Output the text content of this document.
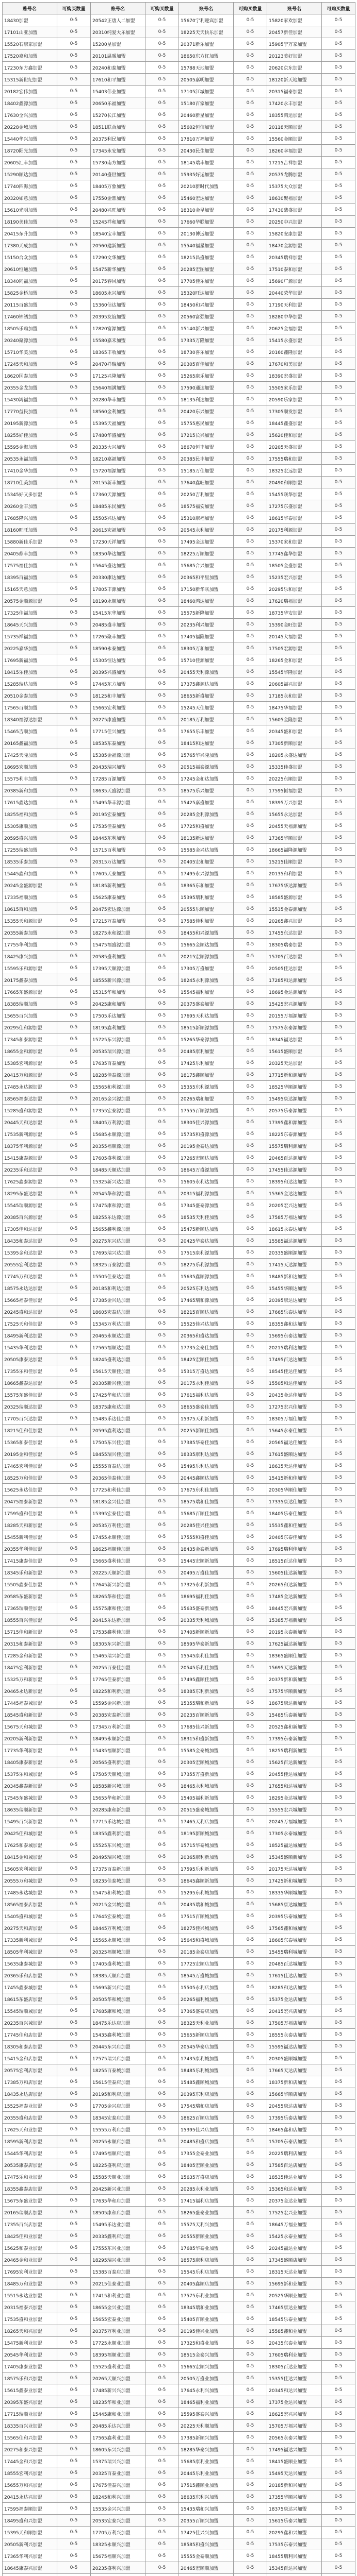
账号名	可购买数量	账号名	可购买数量	账号名	可购买数量	账号名	可购买数量
18430加盟	0-5	20542正唐人二加盟	0-5	15670宁利迎宾加盟	0-5	15820家欢加盟	0-5
17101山亚加盟	0-5	20310纯爱大乐加盟	0-5	18225天天快乐加盟	0-5	20457新佳加盟	0-5
15520石康家加盟	0-5	15200星加盟	0-5	20371新乐加盟	0-5	15905宁万家加盟	0-5
17520嘉和加盟	0-5	20101温暖加盟	0-5	18650东方红加盟	0-5	20123美好加盟	0-5
17230东方鑫加盟	0-5	20240和泰加盟	0-5	15788天地加盟	0-5	20620京东加盟	0-5
15315新世纪加盟	0-5	17610和平加盟	0-5	20505嘉明加盟	0-5	18120新天地加盟	0-5
20182宏伟加盟	0-5	15403伟业加盟	0-5	17105江城加盟	0-5	20315福泰加盟	0-5
18402鑫源加盟	0-5	20650乐福加盟	0-5	15180百家加盟	0-5	17420永丰加盟	0-5
17630全兴加盟	0-5	15270长江加盟	0-5	20460新星加盟	0-5	18355鸿运加盟	0-5
20228金城加盟	0-5	18511联合加盟	0-5	15602恒信加盟	0-5	20118天顺加盟	0-5
15440华兴加盟	0-5	20375利民加盟	0-5	17810万福加盟	0-5	15560金顺加盟	0-5
18720阳光加盟	0-5	17345永安加盟	0-5	20430民生加盟	0-5	18260幸福加盟	0-5
20605汇丰加盟	0-5	15730南方加盟	0-5	18145瑞丰加盟	0-5	17215吉祥加盟	0-5
15290顺达加盟	0-5	20140盛世加盟	0-5	15935好运加盟	0-5	20575龙腾加盟	0-5
17740四海加盟	0-5	18405万象加盟	0-5	20210新时代加盟	0-5	15375大众加盟	0-5
20320如意加盟	0-5	17550金鼎加盟	0-5	15460宏达加盟	0-5	18630聚福加盟	0-5
15610光明加盟	0-5	20480兴旺加盟	0-5	18310金星加盟	0-5	17430鼎盛加盟	0-5
18190美佳加盟	0-5	15245祥和加盟	0-5	17660华联加盟	0-5	20250中兴加盟	0-5
20415东升加盟	0-5	18540宝丰加盟	0-5	20130博远加盟	0-5	15820安康加盟	0-5
17380天成加盟	0-5	20560建新加盟	0-5	15540福星加盟	0-5	18470金源加盟	0-5
15150合众加盟	0-5	17290文华加盟	0-5	18215昌盛加盟	0-5	20345瑞祥加盟	0-5
20610恒通加盟	0-5	15475新华加盟	0-5	20285宏图加盟	0-5	17510泰和加盟	0-5
18340同福加盟	0-5	20175春风加盟	0-5	17705佳乐加盟	0-5	15690广源加盟	0-5
15825金桥加盟	0-5	18605永兴加盟	0-5	15320旺达加盟	0-5	20440荣华加盟	0-5
20115百盛加盟	0-5	15360信达加盟	0-5	18450和兴加盟	0-5	17190天利加盟	0-5
17460锦绣加盟	0-5	20395友谊加盟	0-5	20560富强加盟	0-5	18280中华加盟	0-5
18505乐购加盟	0-5	17820富源加盟	0-5	15140新兴加盟	0-5	20625金福加盟	0-5
20240聚源加盟	0-5	15580嘉禾加盟	0-5	17335万隆加盟	0-5	15415永盛加盟	0-5
15710华美加盟	0-5	18365丰收加盟	0-5	18730喜乐加盟	0-5	20160鑫隆加盟	0-5
17245天和加盟	0-5	20470祥瑞加盟	0-5	20305百佳加盟	0-5	17670和美加盟	0-5
18620国泰加盟	0-5	17125兴隆加盟	0-5	15265康乐加盟	0-5	18390宏盛加盟	0-5
20355金龙加盟	0-5	15640福满加盟	0-5	17590通达加盟	0-5	15505家乐加盟	0-5
15430鸿福加盟	0-5	20280华丰加盟	0-5	18135利达加盟	0-5	20590乐家加盟	0-5
17770益民加盟	0-5	18560金利加盟	0-5	20420东兴加盟	0-5	17305顺发加盟	0-5
20195新源加盟	0-5	15395天福加盟	0-5	15755惠民加盟	0-5	18445鑫盛加盟	0-5
18255好佳加盟	0-5	17480华盛加盟	0-5	17215长兴加盟	0-5	15620佳和加盟	0-5
15595金海加盟	0-5	20335大兴加盟	0-5	18670恒丰加盟	0-5	20205天盛加盟	0-5
20535永福加盟	0-5	18210嘉福加盟	0-5	20385民丰加盟	0-5	17555瑞和加盟	0-5
17410金华加盟	0-5	15720福源加盟	0-5	15185万佳加盟	0-5	18325宏远加盟	0-5
18710佳美加盟	0-5	20155新丰加盟	0-5	17640鑫旺加盟	0-5	20490和顺加盟	0-5
15345好又多加盟	0-5	17360天源加盟	0-5	20250吉利加盟	0-5	15455联华加盟	0-5
20260金丰加盟	0-5	18485乐民加盟	0-5	18575福安加盟	0-5	17275东盛加盟	0-5
17685隆兴加盟	0-5	15505兴达加盟	0-5	15310康福加盟	0-5	18615华泰加盟	0-5
18160旺旺加盟	0-5	20615宏福加盟	0-5	20545永利加盟	0-5	20175利源加盟	0-5
15880新佳乐加盟	0-5	17230天祥加盟	0-5	17495金达加盟	0-5	15370家和加盟	0-5
20405鼎丰加盟	0-5	18350华达加盟	0-5	18225万顺加盟	0-5	17745鑫华加盟	0-5
17575福佳加盟	0-5	15645盛达加盟	0-5	15685合兴加盟	0-5	18505金盛加盟	0-5
18395百福加盟	0-5	20330康达加盟	0-5	20365和平里加盟	0-5	15235宏兴加盟	0-5
15165天意加盟	0-5	17805丰源加盟	0-5	17150新华联加盟	0-5	20295乐和加盟	0-5
20575金顺源加盟	0-5	18190永顺加盟	0-5	18460鸿达加盟	0-5	17620瑞福加盟	0-5
17325佳福加盟	0-5	15415东华加盟	0-5	15575新隆加盟	0-5	18735华安加盟	0-5
18645天兴加盟	0-5	20485盛丰加盟	0-5	20235利兴加盟	0-5	15390金旺加盟	0-5
15735祥福加盟	0-5	17265聚丰加盟	0-5	17405福隆加盟	0-5	20145大福加盟	0-5
20225嘉华加盟	0-5	18590永泰加盟	0-5	18305万和加盟	0-5	17505宏源加盟	0-5
17695新福加盟	0-5	15305恒达加盟	0-5	15710佳源加盟	0-5	18265金和加盟	0-5
18415乐佳加盟	0-5	20395兴盛加盟	0-5	20455天利源加盟	0-5	15545华隆加盟	0-5
15285瑞达加盟	0-5	17445东方加盟	0-5	17375鑫源达加盟	0-5	20605福兴加盟	0-5
20510金泰加盟	0-5	18125和丰加盟	0-5	18655新盛加盟	0-5	17185永和加盟	0-5
17565百顺加盟	0-5	15665宏利加盟	0-5	15245天佳加盟	0-5	18475华福加盟	0-5
18340福源达加盟	0-5	20275康盛加盟	0-5	20185万利加盟	0-5	15605金隆加盟	0-5
15465吉顺加盟	0-5	17715佳兴加盟	0-5	17655乐丰加盟	0-5	20345盛和加盟	0-5
20165鑫福加盟	0-5	18535东泰加盟	0-5	18415和达加盟	0-5	17305新顺加盟	0-5
17425天隆加盟	0-5	15385金福源加盟	0-5	15765华兴隆加盟	0-5	18205永盛达加盟	0-5
18695宏顺加盟	0-5	20435瑞兴加盟	0-5	20515福泰源加盟	0-5	15335佳盛加盟	0-5
15575利丰加盟	0-5	17285百源加盟	0-5	17245金和达加盟	0-5	20225东顺加盟	0-5
20385新和加盟	0-5	18635天盛源加盟	0-5	18575乐兴加盟	0-5	17595恒福加盟	0-5
17615鑫达加盟	0-5	15495华丰源加盟	0-5	15425嘉盛加盟	0-5	18395万兴加盟	0-5
18255福和加盟	0-5	20195宏泰加盟	0-5	20285金利源加盟	0-5	15655永达加盟	0-5
15305康顺加盟	0-5	17535佳泰加盟	0-5	17725和盛加盟	0-5	20455天福源加盟	0-5
20595盛兴加盟	0-5	18445东利加盟	0-5	18135新达加盟	0-5	17365华顺加盟	0-5
17255瑞盛加盟	0-5	15715百利加盟	0-5	15585金兴达加盟	0-5	18665福隆源加盟	0-5
18535乐泰加盟	0-5	20315万达加盟	0-5	20405宏和加盟	0-5	15215佳顺加盟	0-5
15445鑫和加盟	0-5	17605天泰加盟	0-5	17495永兴源加盟	0-5	20135和利加盟	0-5
20245金盛源加盟	0-5	18185新利加盟	0-5	18365东和加盟	0-5	17675华达源加盟	0-5
17335福顺加盟	0-5	15625康泰加盟	0-5	15395瑞利加盟	0-5	18585盛源加盟	0-5
18615百和加盟	0-5	20475宏达源加盟	0-5	20555乐顺加盟	0-5	15535金泰源加盟	0-5
15355天和源加盟	0-5	17215万泰加盟	0-5	17585佳利加盟	0-5	20265鑫兴加盟	0-5
20355新泰加盟	0-5	18275永和源加盟	0-5	18455和兴源加盟	0-5	17455东达加盟	0-5
17755华利加盟	0-5	15475福盛源加盟	0-5	15665金顺达加盟	0-5	18305瑞泰加盟	0-5
18425康兴加盟	0-5	20585盛利加盟	0-5	20215宏顺源加盟	0-5	15705百达加盟	0-5
15595乐和源加盟	0-5	17395天顺源加盟	0-5	17305万盛加盟	0-5	20505佳达加盟	0-5
20175鑫泰加盟	0-5	18555新兴源加盟	0-5	18245永利源加盟	0-5	17285和达源加盟	0-5
17665东盛源加盟	0-5	15315华和加盟	0-5	15545福利加盟	0-5	18695金达源加盟	0-5
18385瑞顺加盟	0-5	20425康和加盟	0-5	20375盛泰加盟	0-5	15425宏兴源加盟	0-5
15655百兴加盟	0-5	17505乐达加盟	0-5	17695天利达加盟	0-5	20155万福源加盟	0-5
20295佳和源加盟	0-5	18195鑫利加盟	0-5	18515新顺源加盟	0-5	17575永泰源加盟	0-5
17345和泰源加盟	0-5	15725东兴源加盟	0-5	15265华泰源加盟	0-5	18345福达加盟	0-5
18655金和源加盟	0-5	20535瑞兴源加盟	0-5	20485康利加盟	0-5	15615盛顺加盟	0-5
15385宏利源加盟	0-5	17635百泰加盟	0-5	17425乐利加盟	0-5	20325天达加盟	0-5
20415万和源加盟	0-5	18285佳泰源加盟	0-5	18175鑫顺加盟	0-5	17715新和源加盟	0-5
17485永达源加盟	0-5	15565和利源加盟	0-5	15355东利源加盟	0-5	18525华顺源加盟	0-5
18565福泰达加盟	0-5	20165金兴源加盟	0-5	20265瑞和加盟	0-5	15495康达源加盟	0-5
15285盛和源加盟	0-5	17355宏泰源加盟	0-5	17555百顺源加盟	0-5	20575乐泰源加盟	0-5
20445天和达加盟	0-5	18405万利源加盟	0-5	18305佳兴源加盟	0-5	17395鑫和源加盟	0-5
17535新利源加盟	0-5	15685永顺源加盟	0-5	15735和盛源加盟	0-5	18225东泰源加盟	0-5
18375华利源加盟	0-5	20355福顺源加盟	0-5	20195金泰达加盟	0-5	15575瑞利源加盟	0-5
15415康泰源加盟	0-5	17605盛利源加盟	0-5	17265宏顺达加盟	0-5	20465百达源加盟	0-5
20235乐和达加盟	0-5	18485天顺达加盟	0-5	18645万盛源加盟	0-5	17455佳达源加盟	0-5
17625鑫泰源加盟	0-5	15325新兴达加盟	0-5	15605永利达加盟	0-5	18395和达达加盟	0-5
18295东盛达加盟	0-5	20545华和源加盟	0-5	20315福利源加盟	0-5	15365金达达加盟	0-5
15545瑞顺源加盟	0-5	17475康和源加盟	0-5	17345盛泰源加盟	0-5	20205宏兴达加盟	0-5
20385百兴源加盟	0-5	18255乐达源加盟	0-5	18535天利佳加盟	0-5	17585万福达加盟	0-5
17305佳和达加盟	0-5	15655鑫利源加盟	0-5	15475新顺达加盟	0-5	18615永泰达加盟	0-5
18435和泰达加盟	0-5	20275东兴达加盟	0-5	20425华泰达加盟	0-5	15585福达源加盟	0-5
15395金和达加盟	0-5	17695瑞兴达加盟	0-5	17515康利源加盟	0-5	20335盛顺源加盟	0-5
20555宏利达加盟	0-5	18325百泰源加盟	0-5	18275乐利源加盟	0-5	17415天达源加盟	0-5
17745万和达加盟	0-5	15505佳泰达加盟	0-5	15635鑫顺源加盟	0-5	18485新和达加盟	0-5
18575永达达加盟	0-5	20185和利达加盟	0-5	20525东利达加盟	0-5	15455华顺达加盟	0-5
15665福泰佳加盟	0-5	17385金兴达加盟	0-5	17465瑞和源加盟	0-5	20395康达达加盟	0-5
20245盛和达加盟	0-5	18605宏泰达加盟	0-5	18215百顺达加盟	0-5	17665乐泰达加盟	0-5
17525天和佳加盟	0-5	15345万利达加盟	0-5	15525佳兴达加盟	0-5	18355鑫和达加盟	0-5
18495新利达加盟	0-5	20465永顺达加盟	0-5	20365和盛达加盟	0-5	15695东泰达加盟	0-5
15435华利达加盟	0-5	17565福顺达加盟	0-5	17735金泰佳加盟	0-5	20215瑞利达加盟	0-5
20505康泰达加盟	0-5	18245盛利达加盟	0-5	18425宏顺佳加盟	0-5	17495百达达加盟	0-5
17355乐和佳加盟	0-5	15615天顺佳加盟	0-5	15315万盛达加盟	0-5	18545佳达佳加盟	0-5
18665鑫泰达加盟	0-5	20305新兴佳加盟	0-5	20175永利佳加盟	0-5	15505和达佳加盟	0-5
15575东盛佳加盟	0-5	17425华和达加盟	0-5	17615福利达加盟	0-5	20435金达佳加盟	0-5
20325瑞顺达加盟	0-5	18375康和达加盟	0-5	18655盛泰佳加盟	0-5	17275宏兴佳加盟	0-5
17705百兴达加盟	0-5	15485乐达佳加盟	0-5	15375天利新加盟	0-5	18305万福佳加盟	0-5
18215佳和佳加盟	0-5	20595鑫利达加盟	0-5	20255新顺佳加盟	0-5	15645永泰佳加盟	0-5
15365和泰佳加盟	0-5	17505东兴佳加盟	0-5	17385华泰佳加盟	0-5	20565福达佳加盟	0-5
20195金和佳加盟	0-5	18455瑞兴佳加盟	0-5	18335康利达加盟	0-5	17615盛顺达加盟	0-5
17465宏利佳加盟	0-5	15555百泰达加盟	0-5	15495乐利达加盟	0-5	18635天达佳加盟	0-5
18525万和佳加盟	0-5	20365佳泰佳加盟	0-5	20445鑫顺达加盟	0-5	15415新和佳加盟	0-5
15625永达佳加盟	0-5	17725和利佳加盟	0-5	17675东利佳加盟	0-5	20305华顺佳加盟	0-5
20475福泰新加盟	0-5	18185金兴佳加盟	0-5	18575瑞和佳加盟	0-5	17335康达佳加盟	0-5
17595盛和佳加盟	0-5	15395宏泰佳加盟	0-5	15685百顺佳加盟	0-5	18405乐泰佳加盟	0-5
18285天和新加盟	0-5	20535万利佳加盟	0-5	20285佳兴佳加盟	0-5	15535鑫和佳加盟	0-5
15455新利佳加盟	0-5	17455永顺佳加盟	0-5	17555和盛佳加盟	0-5	20405东泰佳加盟	0-5
20355华利佳加盟	0-5	18625福顺佳加盟	0-5	18435金泰新加盟	0-5	17695瑞利佳加盟	0-5
17415康泰佳加盟	0-5	15665盛利佳加盟	0-5	15445宏顺新加盟	0-5	18515百达佳加盟	0-5
18345乐和新加盟	0-5	20225天顺新加盟	0-5	20495万盛佳加盟	0-5	15605佳达新加盟	0-5
15505鑫泰佳加盟	0-5	17645新兴新加盟	0-5	17325永利新加盟	0-5	20265和达新加盟	0-5
20585东盛新加盟	0-5	18265华和佳加盟	0-5	18695福利佳加盟	0-5	17485金达新加盟	0-5
17365瑞顺佳加盟	0-5	15575康和佳加盟	0-5	15635盛泰新加盟	0-5	18445宏兴新加盟	0-5
18555百兴佳加盟	0-5	20415乐达新加盟	0-5	20335天利城加盟	0-5	15385万福新加盟	0-5
15715佳和新加盟	0-5	17535鑫利佳加盟	0-5	17405新顺新加盟	0-5	20195永泰新加盟	0-5
20315和泰新加盟	0-5	18305东兴新加盟	0-5	18595华泰新加盟	0-5	17625福达新加盟	0-5
17285金和新加盟	0-5	15465瑞兴新加盟	0-5	15545康利佳加盟	0-5	18365盛顺佳加盟	0-5
18475宏利新加盟	0-5	20255百泰佳加盟	0-5	20545乐利佳加盟	0-5	15695天达新加盟	0-5
15325万和新加盟	0-5	17765佳泰新加盟	0-5	17495鑫顺佳加盟	0-5	20375新和新加盟	0-5
20465永达新加盟	0-5	18225和利新加盟	0-5	18385东利新加盟	0-5	17575华顺新加盟	0-5
17445福泰城加盟	0-5	15595金兴新加盟	0-5	15355瑞和新加盟	0-5	18675康达新加盟	0-5
18545盛和新加盟	0-5	20385宏泰新加盟	0-5	20235百顺新加盟	0-5	15485乐泰新加盟	0-5
15675天和城加盟	0-5	17345万利新加盟	0-5	17685佳兴新加盟	0-5	20525鑫和新加盟	0-5
20205新利新加盟	0-5	18495永顺新加盟	0-5	18315和盛新加盟	0-5	17395东泰新加盟	0-5
17735华利新加盟	0-5	15435福顺新加盟	0-5	15585金泰城加盟	0-5	18255瑞利新加盟	0-5
18405康泰新加盟	0-5	20565盛利新加盟	0-5	20305宏顺城加盟	0-5	15625百达新加盟	0-5
15375乐和城加盟	0-5	17505天顺城加盟	0-5	17355万盛新加盟	0-5	20455佳达城加盟	0-5
20345鑫泰新加盟	0-5	18585新兴城加盟	0-5	18465永利城加盟	0-5	17655和达城加盟	0-5
17545东盛城加盟	0-5	15655华和新加盟	0-5	15405福利新加盟	0-5	18295金达城加盟	0-5
18635瑞顺新加盟	0-5	20285康和新加盟	0-5	20515盛泰城加盟	0-5	15555宏兴城加盟	0-5
15495百兴新加盟	0-5	17715乐达城加盟	0-5	17465天利店加盟	0-5	20245万福城加盟	0-5
20425佳和城加盟	0-5	18355鑫利新加盟	0-5	18195新顺城加盟	0-5	17305永泰城加盟	0-5
17625和泰城加盟	0-5	15525东兴城加盟	0-5	15715华泰城加盟	0-5	18525福达城加盟	0-5
18415金和城加盟	0-5	20495瑞兴城加盟	0-5	20365康利新加盟	0-5	15345盛顺新加盟	0-5
15605宏利城加盟	0-5	17375百泰新加盟	0-5	17595乐利新加盟	0-5	20175天达城加盟	0-5
20555万和城加盟	0-5	18235佳泰城加盟	0-5	18645鑫顺新加盟	0-5	17425新和城加盟	0-5
17485永达城加盟	0-5	15475和利城加盟	0-5	15295东利城加盟	0-5	18335华顺城加盟	0-5
18565福泰店加盟	0-5	20215金兴城加盟	0-5	20435瑞和城加盟	0-5	15685康达城加盟	0-5
15405盛和城加盟	0-5	17645宏泰城加盟	0-5	17515百顺城加盟	0-5	20395乐泰城加盟	0-5
20275天和店加盟	0-5	18445万利城加盟	0-5	18275佳兴城加盟	0-5	17565鑫和城加盟	0-5
17335新利城加盟	0-5	15565永顺城加盟	0-5	15645和盛城加盟	0-5	18605东泰城加盟	0-5
18505华利城加盟	0-5	20325福顺城加盟	0-5	20185金泰店加盟	0-5	15455瑞利城加盟	0-5
15635康泰城加盟	0-5	17405盛利城加盟	0-5	17725宏顺店加盟	0-5	20485百达城加盟	0-5
20365乐和店加盟	0-5	18385天顺店加盟	0-5	18545万盛城加盟	0-5	17615佳达店加盟	0-5
17455鑫泰城加盟	0-5	15695新兴店加盟	0-5	15505永利店加盟	0-5	18285和达店加盟	0-5
18615东盛店加盟	0-5	20505华和城加盟	0-5	20265福利城加盟	0-5	15375金达店加盟	0-5
15545瑞顺城加盟	0-5	17685康和城加盟	0-5	17365盛泰店加盟	0-5	20415宏兴店加盟	0-5
20235百兴城加盟	0-5	18475乐达店加盟	0-5	18325天利业加盟	0-5	17505万福店加盟	0-5
17745佳和店加盟	0-5	15435鑫利城加盟	0-5	15655新顺店加盟	0-5	18555永泰店加盟	0-5
18305和泰店加盟	0-5	20445东兴店加盟	0-5	20545华泰店加盟	0-5	15595福达店加盟	0-5
15415金和店加盟	0-5	17575瑞兴店加盟	0-5	17435康利城加盟	0-5	20305盛顺城加盟	0-5
20575宏利店加盟	0-5	18255百泰城加盟	0-5	18485乐利城加盟	0-5	17665天达店加盟	0-5
17385万和店加盟	0-5	15615佳泰店加盟	0-5	15485鑫顺城加盟	0-5	18375新和店加盟	0-5
18435永达店加盟	0-5	20195和利店加盟	0-5	20395东利店加盟	0-5	15665华顺店加盟	0-5
15525福泰业加盟	0-5	17705金兴店加盟	0-5	17545瑞和店加盟	0-5	20455康达店加盟	0-5
20355盛和店加盟	0-5	18345宏泰店加盟	0-5	18625百顺店加盟	0-5	17395乐泰店加盟	0-5
17625天和业加盟	0-5	15555万利店加盟	0-5	15395佳兴店加盟	0-5	18465鑫和店加盟	0-5
18595新利店加盟	0-5	20255永顺店加盟	0-5	20485和盛店加盟	0-5	15705东泰店加盟	0-5
15445华利店加盟	0-5	17495福顺店加盟	0-5	17355金泰业加盟	0-5	20225瑞利店加盟	0-5
20535康泰店加盟	0-5	18225盛利店加盟	0-5	18405宏顺业加盟	0-5	17585百达店加盟	0-5
17475乐和业加盟	0-5	15585天顺业加盟	0-5	15635万盛店加盟	0-5	18535佳达业加盟	0-5
18355鑫泰店加盟	0-5	20425新兴业加盟	0-5	20285永利业加盟	0-5	15365和达业加盟	0-5
15675东盛业加盟	0-5	17635华和店加盟	0-5	17415福利店加盟	0-5	20375金达业加盟	0-5
20165瑞顺店加盟	0-5	18505康和店加盟	0-5	18265盛泰业加盟	0-5	17525宏兴业加盟	0-5
17355百兴店加盟	0-5	15495乐达业加盟	0-5	15575天利兴加盟	0-5	18645万福业加盟	0-5
18425佳和业加盟	0-5	20335鑫利店加盟	0-5	20555新顺业加盟	0-5	15425永泰业加盟	0-5
15625和泰业加盟	0-5	17555东兴业加盟	0-5	17685华泰业加盟	0-5	20245福达业加盟	0-5
20465金和业加盟	0-5	18295瑞兴业加盟	0-5	18575康利店加盟	0-5	17345盛顺店加盟	0-5
17695宏利业加盟	0-5	15385百泰店加盟	0-5	15545乐利店加盟	0-5	18315天达业加盟	0-5
18485万和业加盟	0-5	20215佳泰业加盟	0-5	20405鑫顺店加盟	0-5	15695新和业加盟	0-5
15515永达业加盟	0-5	17415和利业加盟	0-5	17575东利业加盟	0-5	20525华顺业加盟	0-5
20315福泰兴加盟	0-5	18655金兴业加盟	0-5	18345瑞和业加盟	0-5	17465康达业加盟	0-5
17535盛和业加盟	0-5	15655宏泰业加盟	0-5	15405百顺业加盟	0-5	18545乐泰业加盟	0-5
18265天和兴加盟	0-5	20375万利业加盟	0-5	20195佳兴业加盟	0-5	15585鑫和业加盟	0-5
15475新利业加盟	0-5	17725永顺业加盟	0-5	17325和盛业加盟	0-5	20435东泰业加盟	0-5
20545华利业加盟	0-5	18395福顺业加盟	0-5	18515金泰兴加盟	0-5	17605瑞利业加盟	0-5
17405康泰业加盟	0-5	15525盛利业加盟	0-5	15665宏顺兴加盟	0-5	18305百达业加盟	0-5
18575乐和兴加盟	0-5	20265天顺兴加盟	0-5	20505万盛业加盟	0-5	15355佳达兴加盟	0-5
15615鑫泰业加盟	0-5	17485新兴兴加盟	0-5	17645永利兴加盟	0-5	20345和达兴加盟	0-5
20395东盛兴加盟	0-5	18235华和业加盟	0-5	18465福利业加盟	0-5	17375金达兴加盟	0-5
17715瑞顺业加盟	0-5	15445康和业加盟	0-5	15595盛泰兴加盟	0-5	18625宏兴兴加盟	0-5
18335百兴业加盟	0-5	20485乐达兴加盟	0-5	20225天利顺加盟	0-5	15705万福兴加盟	0-5
15565佳和兴加盟	0-5	17565鑫利业加盟	0-5	17385新顺兴加盟	0-5	20565永泰兴加盟	0-5
20275和泰兴加盟	0-5	18605东兴兴加盟	0-5	18285华泰兴加盟	0-5	17495福达兴加盟	0-5
17445金和兴加盟	0-5	15375瑞兴兴加盟	0-5	15685康利业加盟	0-5	18415盛顺业加盟	0-5
18555宏利兴加盟	0-5	20325百泰业加盟	0-5	20445乐利业加盟	0-5	15495天达兴加盟	0-5
15655万和兴加盟	0-5	17675佳泰兴加盟	0-5	17515鑫顺业加盟	0-5	20185新和兴加盟	0-5
20415永达兴加盟	0-5	18245和利兴加盟	0-5	18635东利兴加盟	0-5	17355华顺兴加盟	0-5
17595福泰顺加盟	0-5	15535金兴兴加盟	0-5	15435瑞和兴加盟	0-5	18375康达兴加盟	0-5
18495盛和兴加盟	0-5	20535宏泰兴加盟	0-5	20355百顺兴加盟	0-5	15615乐泰兴加盟	0-5
15395天和顺加盟	0-5	17705万利兴加盟	0-5	17425佳兴兴加盟	0-5	20295鑫和兴加盟	0-5
20505新利兴加盟	0-5	18325永顺兴加盟	0-5	18585和盛兴加盟	0-5	17535东泰兴加盟	0-5
17365华利兴加盟	0-5	15675福顺兴加盟	0-5	15555金泰顺加盟	0-5	18455瑞利兴加盟	0-5
18645康泰兴加盟	0-5	20235盛利兴加盟	0-5	20465宏顺顺加盟	0-5	15345百达兴加盟	0-5
